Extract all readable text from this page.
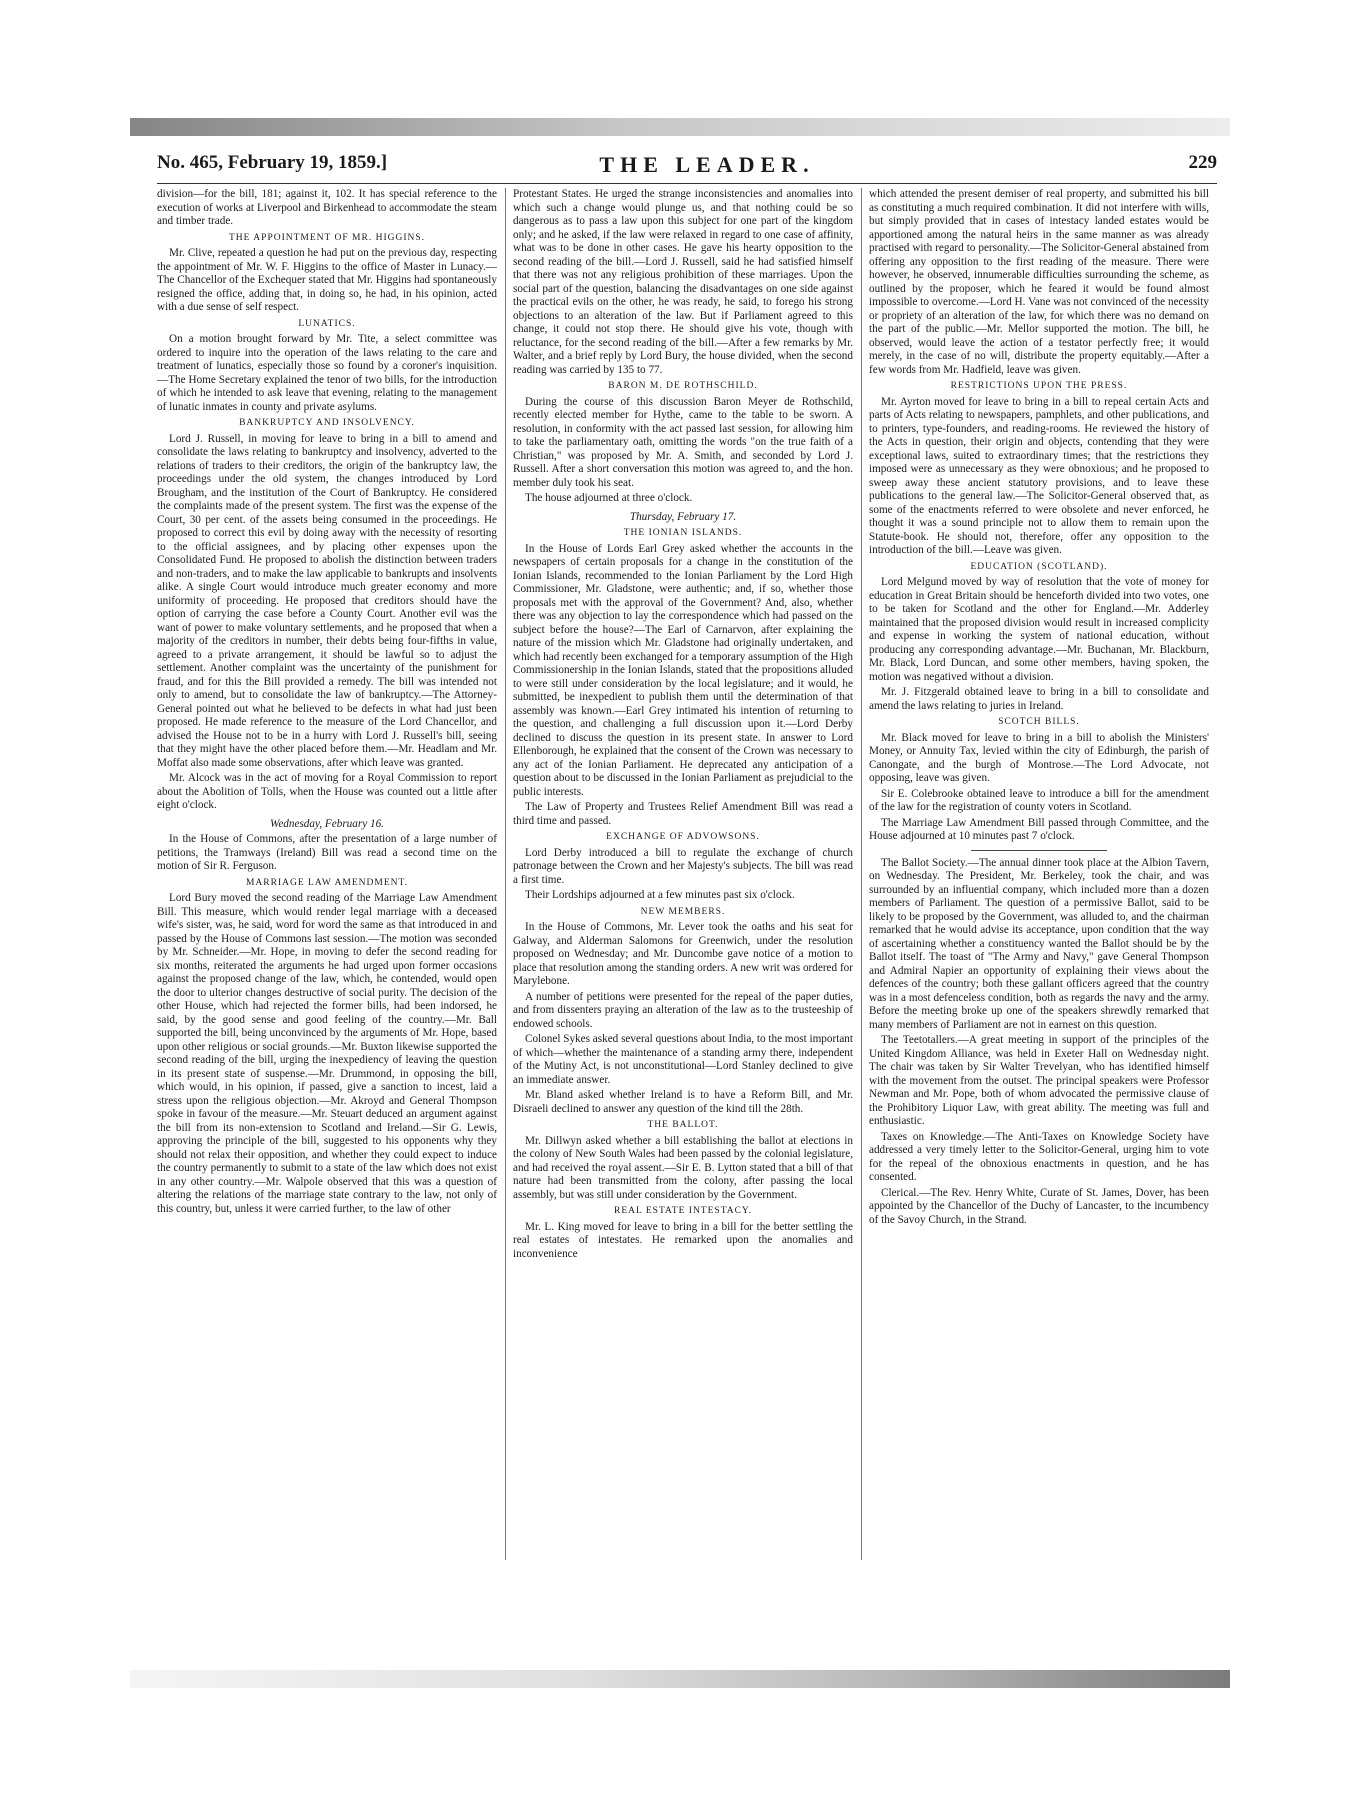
No. 465, February 19, 1859.]	THE LEADER.	229

division—for the bill, 181; against it, 102. It has special reference to the execution of works at Liverpool and Birkenhead to accommodate the steam and timber trade.

THE APPOINTMENT OF MR. HIGGINS.

Mr. Clive, repeated a question he had put on the previous day, respecting the appointment of Mr. W. F. Higgins to the office of Master in Lunacy.—The Chancellor of the Exchequer stated that Mr. Higgins had spontaneously resigned the office, adding that, in doing so, he had, in his opinion, acted with a due sense of self respect.

LUNATICS.

On a motion brought forward by Mr. Tite, a select committee was ordered to inquire into the operation of the laws relating to the care and treatment of lunatics, especially those so found by a coroner's inquisition.—The Home Secretary explained the tenor of two bills, for the introduction of which he intended to ask leave that evening, relating to the management of lunatic inmates in county and private asylums.

BANKRUPTCY AND INSOLVENCY.

Lord J. Russell, in moving for leave to bring in a bill to amend and consolidate the laws relating to bankruptcy and insolvency, adverted to the relations of traders to their creditors, the origin of the bankruptcy law, the proceedings under the old system, the changes introduced by Lord Brougham, and the institution of the Court of Bankruptcy. He considered the complaints made of the present system. The first was the expense of the Court, 30 per cent. of the assets being consumed in the proceedings. He proposed to correct this evil by doing away with the necessity of resorting to the official assignees, and by placing other expenses upon the Consolidated Fund. He proposed to abolish the distinction between traders and non-traders, and to make the law applicable to bankrupts and insolvents alike. A single Court would introduce much greater economy and more uniformity of proceeding. He proposed that creditors should have the option of carrying the case before a County Court. Another evil was the want of power to make voluntary settlements, and he proposed that when a majority of the creditors in number, their debts being four-fifths in value, agreed to a private arrangement, it should be lawful so to adjust the settlement. Another complaint was the uncertainty of the punishment for fraud, and for this the Bill provided a remedy. The bill was intended not only to amend, but to consolidate the law of bankruptcy.—The Attorney-General pointed out what he believed to be defects in what had just been proposed. He made reference to the measure of the Lord Chancellor, and advised the House not to be in a hurry with Lord J. Russell's bill, seeing that they might have the other placed before them.—Mr. Headlam and Mr. Moffat also made some observations, after which leave was granted.

Mr. Alcock was in the act of moving for a Royal Commission to report about the Abolition of Tolls, when the House was counted out a little after eight o'clock.

Wednesday, February 16.

In the House of Commons, after the presentation of a large number of petitions, the Tramways (Ireland) Bill was read a second time on the motion of Sir R. Ferguson.

MARRIAGE LAW AMENDMENT.

Lord Bury moved the second reading of the Marriage Law Amendment Bill. This measure, which would render legal marriage with a deceased wife's sister, was, he said, word for word the same as that introduced in and passed by the House of Commons last session.—The motion was seconded by Mr. Schneider.—Mr. Hope, in moving to defer the second reading for six months, reiterated the arguments he had urged upon former occasions against the proposed change of the law, which, he contended, would open the door to ulterior changes destructive of social purity. The decision of the other House, which had rejected the former bills, had been indorsed, he said, by the good sense and good feeling of the country.—Mr. Ball supported the bill, being unconvinced by the arguments of Mr. Hope, based upon other religious or social grounds.—Mr. Buxton likewise supported the second reading of the bill, urging the inexpediency of leaving the question in its present state of suspense.—Mr. Drummond, in opposing the bill, which would, in his opinion, if passed, give a sanction to incest, laid a stress upon the religious objection.—Mr. Akroyd and General Thompson spoke in favour of the measure.—Mr. Steuart deduced an argument against the bill from its non-extension to Scotland and Ireland.—Sir G. Lewis, approving the principle of the bill, suggested to his opponents why they should not relax their opposition, and whether they could expect to induce the country permanently to submit to a state of the law which does not exist in any other country.—Mr. Walpole observed that this was a question of altering the relations of the marriage state contrary to the law, not only of this country, but, unless it were carried further, to the law of other

Protestant States. He urged the strange inconsistencies and anomalies into which such a change would plunge us, and that nothing could be so dangerous as to pass a law upon this subject for one part of the kingdom only; and he asked, if the law were relaxed in regard to one case of affinity, what was to be done in other cases. He gave his hearty opposition to the second reading of the bill.—Lord J. Russell, said he had satisfied himself that there was not any religious prohibition of these marriages. Upon the social part of the question, balancing the disadvantages on one side against the practical evils on the other, he was ready, he said, to forego his strong objections to an alteration of the law. But if Parliament agreed to this change, it could not stop there. He should give his vote, though with reluctance, for the second reading of the bill.—After a few remarks by Mr. Walter, and a brief reply by Lord Bury, the house divided, when the second reading was carried by 135 to 77.

BARON M. DE ROTHSCHILD.

During the course of this discussion Baron Meyer de Rothschild, recently elected member for Hythe, came to the table to be sworn. A resolution, in conformity with the act passed last session, for allowing him to take the parliamentary oath, omitting the words "on the true faith of a Christian," was proposed by Mr. A. Smith, and seconded by Lord J. Russell. After a short conversation this motion was agreed to, and the hon. member duly took his seat.

The house adjourned at three o'clock.

Thursday, February 17.
THE IONIAN ISLANDS.

In the House of Lords Earl Grey asked whether the accounts in the newspapers of certain proposals for a change in the constitution of the Ionian Islands, recommended to the Ionian Parliament by the Lord High Commissioner, Mr. Gladstone, were authentic; and, if so, whether those proposals met with the approval of the Government? And, also, whether there was any objection to lay the correspondence which had passed on the subject before the house?—The Earl of Carnarvon, after explaining the nature of the mission which Mr. Gladstone had originally undertaken, and which had recently been exchanged for a temporary assumption of the High Commissionership in the Ionian Islands, stated that the propositions alluded to were still under consideration by the local legislature; and it would, he submitted, be inexpedient to publish them until the determination of that assembly was known.—Earl Grey intimated his intention of returning to the question, and challenging a full discussion upon it.—Lord Derby declined to discuss the question in its present state. In answer to Lord Ellenborough, he explained that the consent of the Crown was necessary to any act of the Ionian Parliament. He deprecated any anticipation of a question about to be discussed in the Ionian Parliament as prejudicial to the public interests.

The Law of Property and Trustees Relief Amendment Bill was read a third time and passed.

EXCHANGE OF ADVOWSONS.

Lord Derby introduced a bill to regulate the exchange of church patronage between the Crown and her Majesty's subjects. The bill was read a first time.

Their Lordships adjourned at a few minutes past six o'clock.

NEW MEMBERS.

In the House of Commons, Mr. Lever took the oaths and his seat for Galway, and Alderman Salomons for Greenwich, under the resolution proposed on Wednesday; and Mr. Duncombe gave notice of a motion to place that resolution among the standing orders. A new writ was ordered for Marylebone.

A number of petitions were presented for the repeal of the paper duties, and from dissenters praying an alteration of the law as to the trusteeship of endowed schools.

Colonel Sykes asked several questions about India, to the most important of which—whether the maintenance of a standing army there, independent of the Mutiny Act, is not unconstitutional—Lord Stanley declined to give an immediate answer.

Mr. Bland asked whether Ireland is to have a Reform Bill, and Mr. Disraeli declined to answer any question of the kind till the 28th.

THE BALLOT.

Mr. Dillwyn asked whether a bill establishing the ballot at elections in the colony of New South Wales had been passed by the colonial legislature, and had received the royal assent.—Sir E. B. Lytton stated that a bill of that nature had been transmitted from the colony, after passing the local assembly, but was still under consideration by the Government.

REAL ESTATE INTESTACY.

Mr. L. King moved for leave to bring in a bill for the better settling the real estates of intestates. He remarked upon the anomalies and inconvenience

which attended the present demiser of real property, and submitted his bill as constituting a much required combination. It did not interfere with wills, but simply provided that in cases of intestacy landed estates would be apportioned among the natural heirs in the same manner as was already practised with regard to personality.—The Solicitor-General abstained from offering any opposition to the first reading of the measure. There were however, he observed, innumerable difficulties surrounding the scheme, as outlined by the proposer, which he feared it would be found almost impossible to overcome.—Lord H. Vane was not convinced of the necessity or propriety of an alteration of the law, for which there was no demand on the part of the public.—Mr. Mellor supported the motion. The bill, he observed, would leave the action of a testator perfectly free; it would merely, in the case of no will, distribute the property equitably.—After a few words from Mr. Hadfield, leave was given.

RESTRICTIONS UPON THE PRESS.

Mr. Ayrton moved for leave to bring in a bill to repeal certain Acts and parts of Acts relating to newspapers, pamphlets, and other publications, and to printers, type-founders, and reading-rooms. He reviewed the history of the Acts in question, their origin and objects, contending that they were exceptional laws, suited to extraordinary times; that the restrictions they imposed were as unnecessary as they were obnoxious; and he proposed to sweep away these ancient statutory provisions, and to leave these publications to the general law.—The Solicitor-General observed that, as some of the enactments referred to were obsolete and never enforced, he thought it was a sound principle not to allow them to remain upon the Statute-book. He should not, therefore, offer any opposition to the introduction of the bill.—Leave was given.

EDUCATION (SCOTLAND).

Lord Melgund moved by way of resolution that the vote of money for education in Great Britain should be henceforth divided into two votes, one to be taken for Scotland and the other for England.—Mr. Adderley maintained that the proposed division would result in increased complicity and expense in working the system of national education, without producing any corresponding advantage.—Mr. Buchanan, Mr. Blackburn, Mr. Black, Lord Duncan, and some other members, having spoken, the motion was negatived without a division.

Mr. J. Fitzgerald obtained leave to bring in a bill to consolidate and amend the laws relating to juries in Ireland.

SCOTCH BILLS.

Mr. Black moved for leave to bring in a bill to abolish the Ministers' Money, or Annuity Tax, levied within the city of Edinburgh, the parish of Canongate, and the burgh of Montrose.—The Lord Advocate, not opposing, leave was given.

Sir E. Colebrooke obtained leave to introduce a bill for the amendment of the law for the registration of county voters in Scotland.

The Marriage Law Amendment Bill passed through Committee, and the House adjourned at 10 minutes past 7 o'clock.

The Ballot Society.—The annual dinner took place at the Albion Tavern, on Wednesday. The President, Mr. Berkeley, took the chair, and was surrounded by an influential company, which included more than a dozen members of Parliament. The question of a permissive Ballot, said to be likely to be proposed by the Government, was alluded to, and the chairman remarked that he would advise its acceptance, upon condition that the way of ascertaining whether a constituency wanted the Ballot should be by the Ballot itself. The toast of "The Army and Navy," gave General Thompson and Admiral Napier an opportunity of explaining their views about the defences of the country; both these gallant officers agreed that the country was in a most defenceless condition, both as regards the navy and the army. Before the meeting broke up one of the speakers shrewdly remarked that many members of Parliament are not in earnest on this question.

The Teetotallers.—A great meeting in support of the principles of the United Kingdom Alliance, was held in Exeter Hall on Wednesday night. The chair was taken by Sir Walter Trevelyan, who has identified himself with the movement from the outset. The principal speakers were Professor Newman and Mr. Pope, both of whom advocated the permissive clause of the Prohibitory Liquor Law, with great ability. The meeting was full and enthusiastic.

Taxes on Knowledge.—The Anti-Taxes on Knowledge Society have addressed a very timely letter to the Solicitor-General, urging him to vote for the repeal of the obnoxious enactments in question, and he has consented.

Clerical.—The Rev. Henry White, Curate of St. James, Dover, has been appointed by the Chancellor of the Duchy of Lancaster, to the incumbency of the Savoy Church, in the Strand.
